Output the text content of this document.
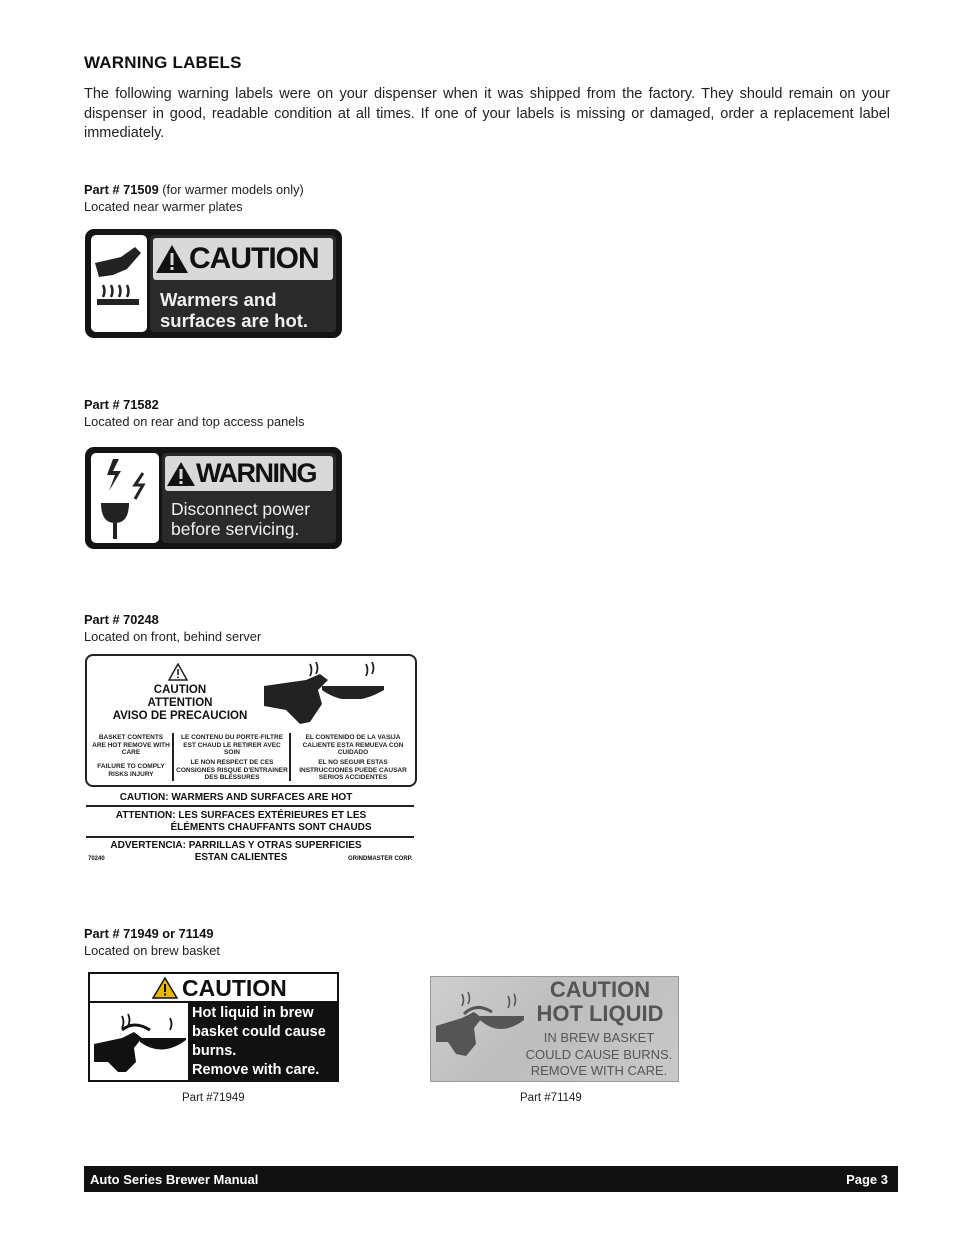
WARNING LABELS

The following warning labels were on your dispenser when it was shipped from the factory. They should remain on your dispenser in good, readable condition at all times. If one of your labels is missing or damaged, order a replacement label immediately.

Part # 71509 (for warmer models only)
Located near warmer plates
CAUTION
Warmers and
surfaces are hot.
Part # 71582
Located on rear and top access panels
WARNING
Disconnect power
before servicing.
Part # 70248
Located on front, behind server
CAUTION
ATTENTION
AVISO DE PRECAUCION
BASKET CONTENTS ARE HOT REMOVE WITH CARE
FAILURE TO COMPLY RISKS INJURY
LE CONTENU DU PORTE-FILTRE EST CHAUD LE RETIRER AVEC SOIN
LE NON RESPECT DE CES CONSIGNES RISQUE D'ENTRAINER DES BLESSURES
EL CONTENIDO DE LA VASIJA CALIENTE ESTA REMUEVA CON CUIDADO
EL NO SEGUIR ESTAS INSTRUCCIONES PUEDE CAUSAR SERIOS ACCIDENTES
CAUTION: WARMERS AND SURFACES ARE HOT
ATTENTION: LES SURFACES EXTÉRIEURES ET LES
ÉLÉMENTS CHAUFFANTS SONT CHAUDS
ADVERTENCIA: PARRILLAS Y OTRAS SUPERFICIES
ESTAN CALIENTES
70240	GRINDMASTER CORP.
Part # 71949 or 71149
Located on brew basket
CAUTION
Hot liquid in brew
basket could cause
burns.
Remove with care.
Part #71949
CAUTION
HOT LIQUID
IN BREW BASKET
COULD CAUSE BURNS.
REMOVE WITH CARE.
Part #71149
Auto Series Brewer Manual	Page 3
